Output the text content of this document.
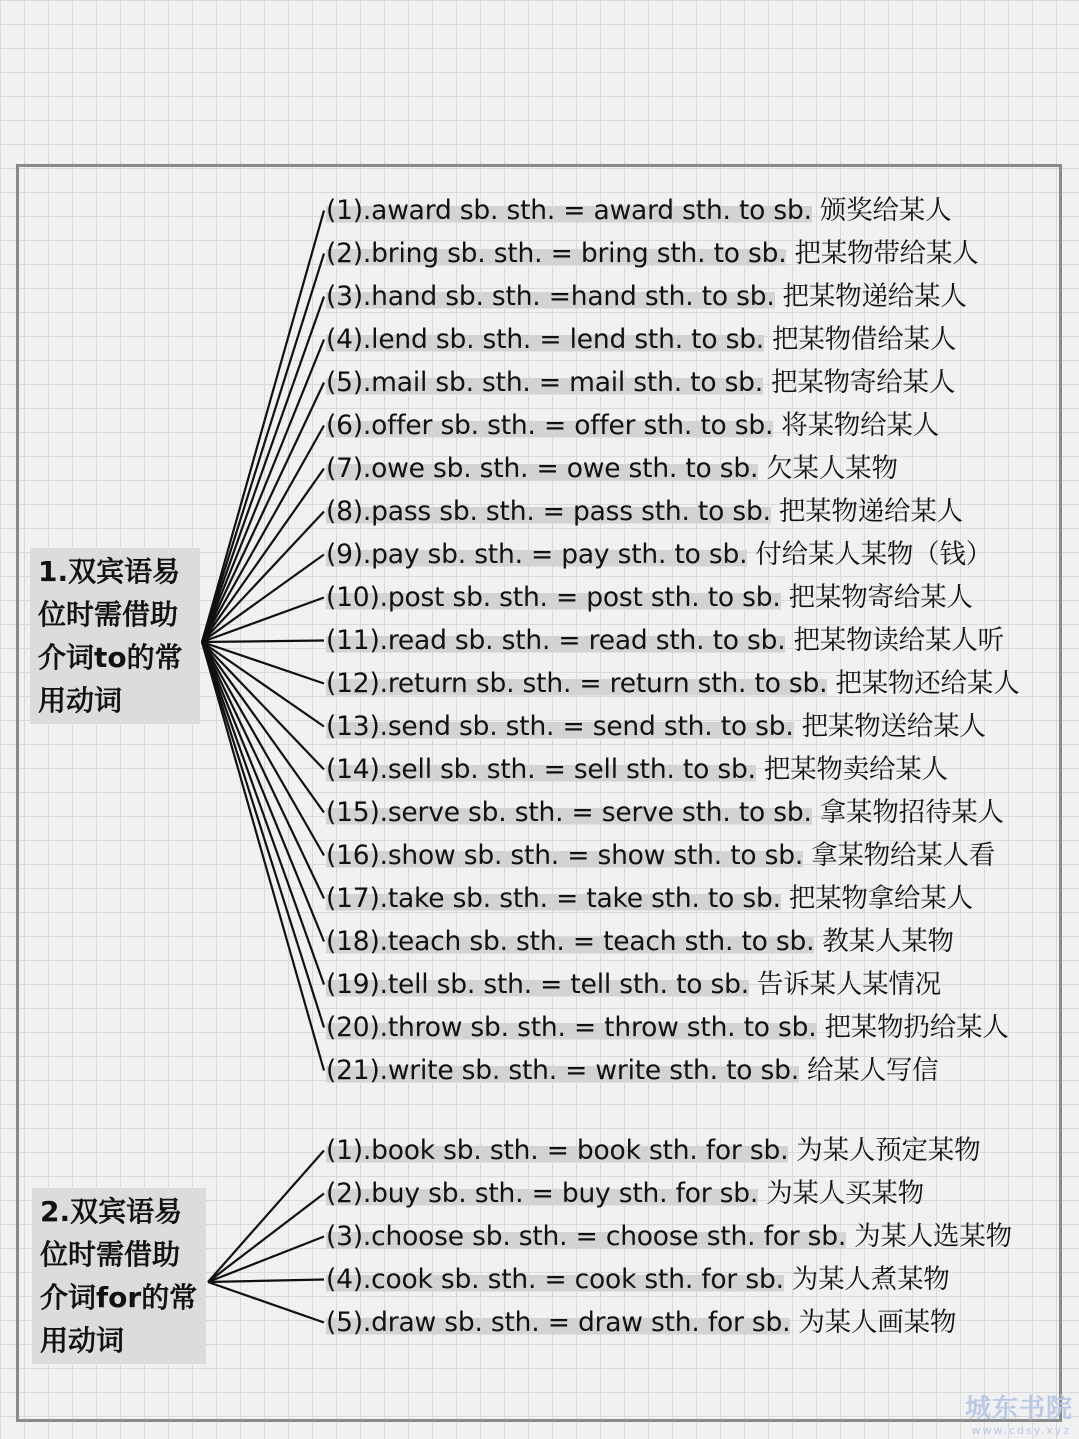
1.双宾语易
位时需借助
介词to的常
用动词
2.双宾语易
位时需借助
介词for的常
用动词
(1).award sb. sth. = award sth. to sb. 颁奖给某人
(2).bring sb. sth. = bring sth. to sb. 把某物带给某人
(3).hand sb. sth. =hand sth. to sb. 把某物递给某人
(4).lend sb. sth. = lend sth. to sb. 把某物借给某人
(5).mail sb. sth. = mail sth. to sb. 把某物寄给某人
(6).offer sb. sth. = offer sth. to sb. 将某物给某人
(7).owe sb. sth. = owe sth. to sb. 欠某人某物
(8).pass sb. sth. = pass sth. to sb. 把某物递给某人
(9).pay sb. sth. = pay sth. to sb. 付给某人某物（钱）
(10).post sb. sth. = post sth. to sb. 把某物寄给某人
(11).read sb. sth. = read sth. to sb. 把某物读给某人听
(12).return sb. sth. = return sth. to sb. 把某物还给某人
(13).send sb. sth. = send sth. to sb. 把某物送给某人
(14).sell sb. sth. = sell sth. to sb. 把某物卖给某人
(15).serve sb. sth. = serve sth. to sb. 拿某物招待某人
(16).show sb. sth. = show sth. to sb. 拿某物给某人看
(17).take sb. sth. = take sth. to sb. 把某物拿给某人
(18).teach sb. sth. = teach sth. to sb. 教某人某物
(19).tell sb. sth. = tell sth. to sb. 告诉某人某情况
(20).throw sb. sth. = throw sth. to sb. 把某物扔给某人
(21).write sb. sth. = write sth. to sb. 给某人写信
(1).book sb. sth. = book sth. for sb. 为某人预定某物
(2).buy sb. sth. = buy sth. for sb. 为某人买某物
(3).choose sb. sth. = choose sth. for sb. 为某人选某物
(4).cook sb. sth. = cook sth. for sb. 为某人煮某物
(5).draw sb. sth. = draw sth. for sb. 为某人画某物
城东书院
www.cdsy.xyz
